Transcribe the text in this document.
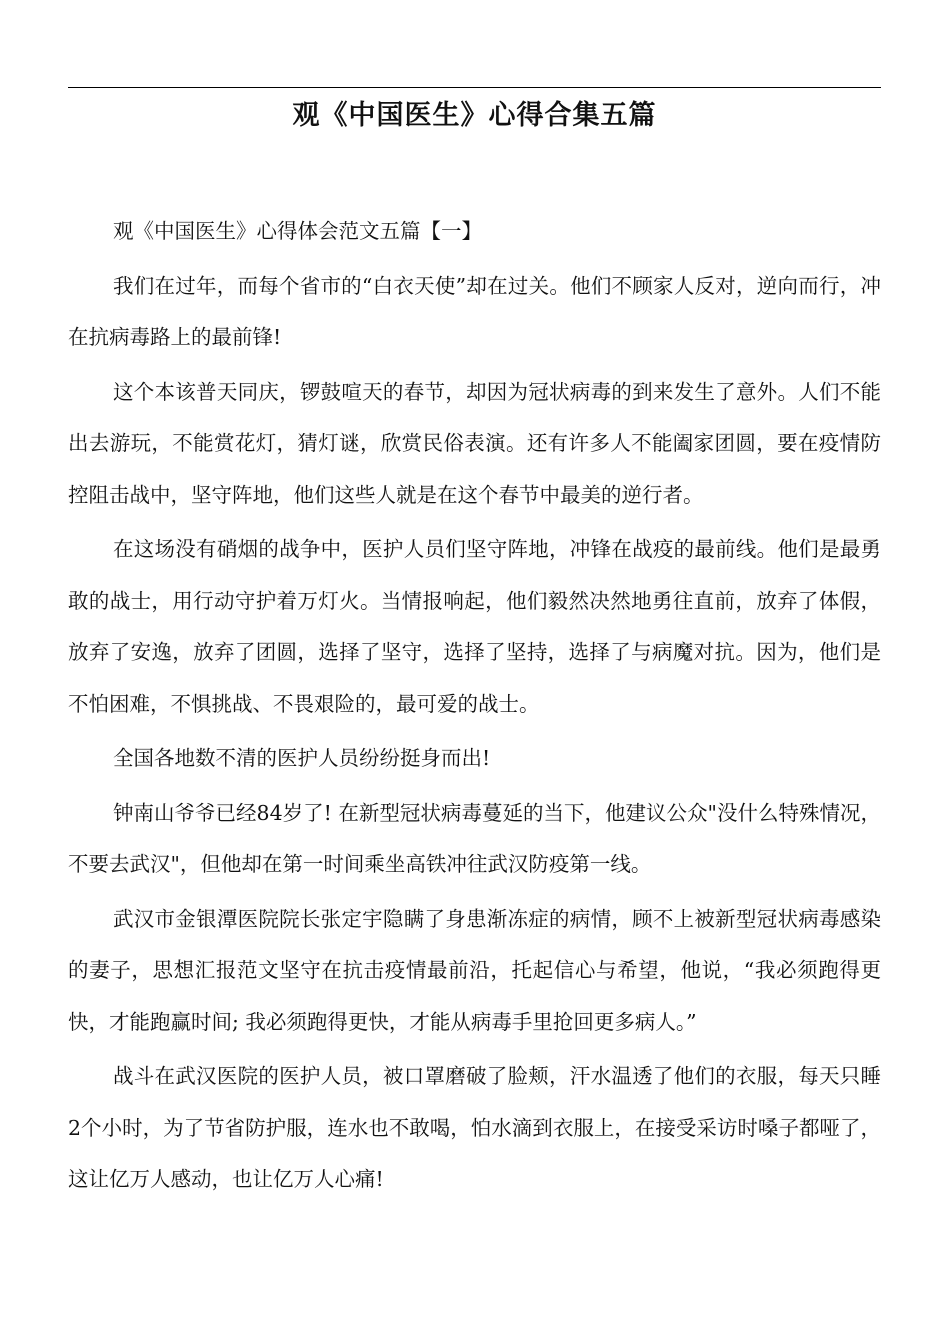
观《中国医生》心得合集五篇

观《中国医生》心得体会范文五篇【一】

我们在过年，而每个省市的“白衣天使”却在过关。他们不顾家人反对，逆向而行，冲在抗病毒路上的最前锋!

这个本该普天同庆，锣鼓喧天的春节，却因为冠状病毒的到来发生了意外。人们不能出去游玩，不能赏花灯，猜灯谜，欣赏民俗表演。还有许多人不能阖家团圆，要在疫情防控阻击战中，坚守阵地，他们这些人就是在这个春节中最美的逆行者。

在这场没有硝烟的战争中，医护人员们坚守阵地，冲锋在战疫的最前线。他们是最勇敢的战士，用行动守护着万灯火。当情报响起，他们毅然决然地勇往直前，放弃了体假，放弃了安逸，放弃了团圆，选择了坚守，选择了坚持，选择了与病魔对抗。因为，他们是不怕困难，不惧挑战、不畏艰险的，最可爱的战士。

全国各地数不清的医护人员纷纷挺身而出!

钟南山爷爷已经84岁了! 在新型冠状病毒蔓延的当下，他建议公众"没什么特殊情况，不要去武汉"，但他却在第一时间乘坐高铁冲往武汉防疫第一线。

武汉市金银潭医院院长张定宇隐瞒了身患渐冻症的病情，顾不上被新型冠状病毒感染的妻子，思想汇报范文坚守在抗击疫情最前沿，托起信心与希望，他说，“我必须跑得更快，才能跑赢时间; 我必须跑得更快，才能从病毒手里抢回更多病人。”

战斗在武汉医院的医护人员，被口罩磨破了脸颊，汗水温透了他们的衣服，每天只睡2个小时，为了节省防护服，连水也不敢喝，怕水滴到衣服上，在接受采访时嗓子都哑了，这让亿万人感动，也让亿万人心痛!
